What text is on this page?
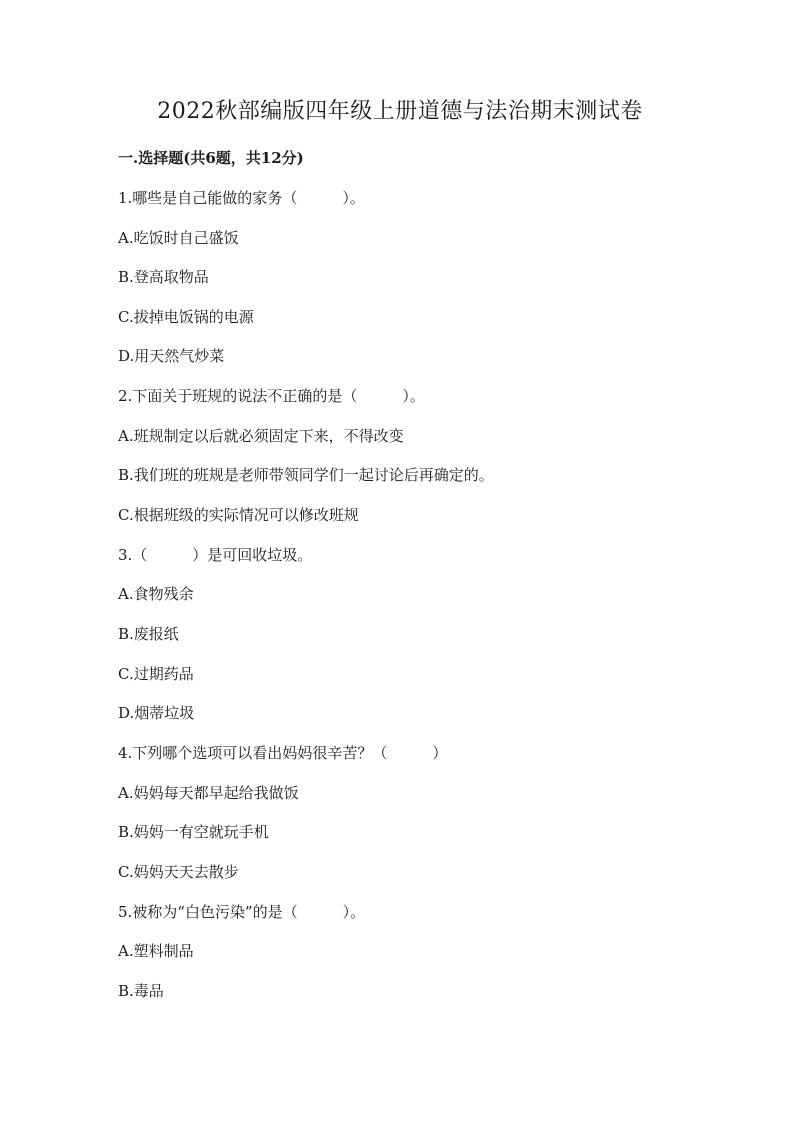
2022秋部编版四年级上册道德与法治期末测试卷
一.选择题(共6题，共12分)
1.哪些是自己能做的家务（　　　）。
A.吃饭时自己盛饭
B.登高取物品
C.拔掉电饭锅的电源
D.用天然气炒菜
2.下面关于班规的说法不正确的是（　　　）。
A.班规制定以后就必须固定下来，不得改变
B.我们班的班规是老师带领同学们一起讨论后再确定的。
C.根据班级的实际情况可以修改班规
3.（　　　）是可回收垃圾。
A.食物残余
B.废报纸
C.过期药品
D.烟蒂垃圾
4.下列哪个选项可以看出妈妈很辛苦？（　　　）
A.妈妈每天都早起给我做饭
B.妈妈一有空就玩手机
C.妈妈天天去散步
5.被称为“白色污染”的是（　　　）。
A.塑料制品
B.毒品
